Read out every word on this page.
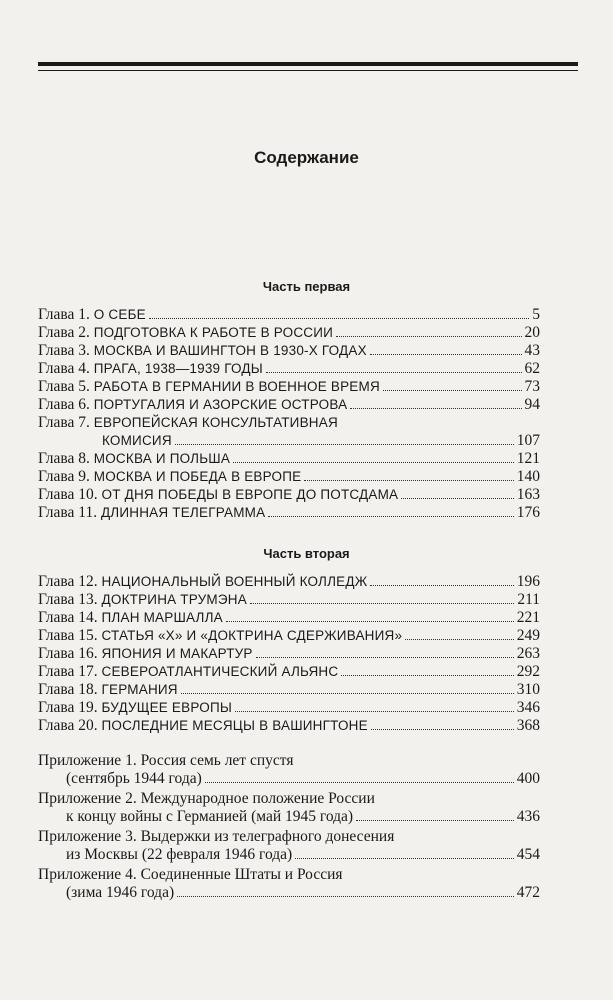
Содержание
Часть первая
Глава 1. О СЕБЕ	5
Глава 2. ПОДГОТОВКА К РАБОТЕ В РОССИИ	20
Глава 3. МОСКВА И ВАШИНГТОН В 1930-Х ГОДАХ	43
Глава 4. ПРАГА, 1938—1939 ГОДЫ	62
Глава 5. РАБОТА В ГЕРМАНИИ В ВОЕННОЕ ВРЕМЯ	73
Глава 6. ПОРТУГАЛИЯ И АЗОРСКИЕ ОСТРОВА	94
Глава 7. ЕВРОПЕЙСКАЯ КОНСУЛЬТАТИВНАЯ
КОМИСИЯ	107
Глава 8. МОСКВА И ПОЛЬША	121
Глава 9. МОСКВА И ПОБЕДА В ЕВРОПЕ	140
Глава 10. ОТ ДНЯ ПОБЕДЫ В ЕВРОПЕ ДО ПОТСДАМА	163
Глава 11. ДЛИННАЯ ТЕЛЕГРАММА	176
Часть вторая
Глава 12. НАЦИОНАЛЬНЫЙ ВОЕННЫЙ КОЛЛЕДЖ	196
Глава 13. ДОКТРИНА ТРУМЭНА	211
Глава 14. ПЛАН МАРШАЛЛА	221
Глава 15. СТАТЬЯ «Х» И «ДОКТРИНА СДЕРЖИВАНИЯ»	249
Глава 16. ЯПОНИЯ И МАКАРТУР	263
Глава 17. СЕВЕРОАТЛАНТИЧЕСКИЙ АЛЬЯНС	292
Глава 18. ГЕРМАНИЯ	310
Глава 19. БУДУЩЕЕ ЕВРОПЫ	346
Глава 20. ПОСЛЕДНИЕ МЕСЯЦЫ В ВАШИНГТОНЕ	368
Приложение 1. Россия семь лет спустя
(сентябрь 1944 года)	400
Приложение 2. Международное положение России
к концу войны с Германией (май 1945 года)	436
Приложение 3. Выдержки из телеграфного донесения
из Москвы (22 февраля 1946 года)	454
Приложение 4. Соединенные Штаты и Россия
(зима 1946 года)	472
